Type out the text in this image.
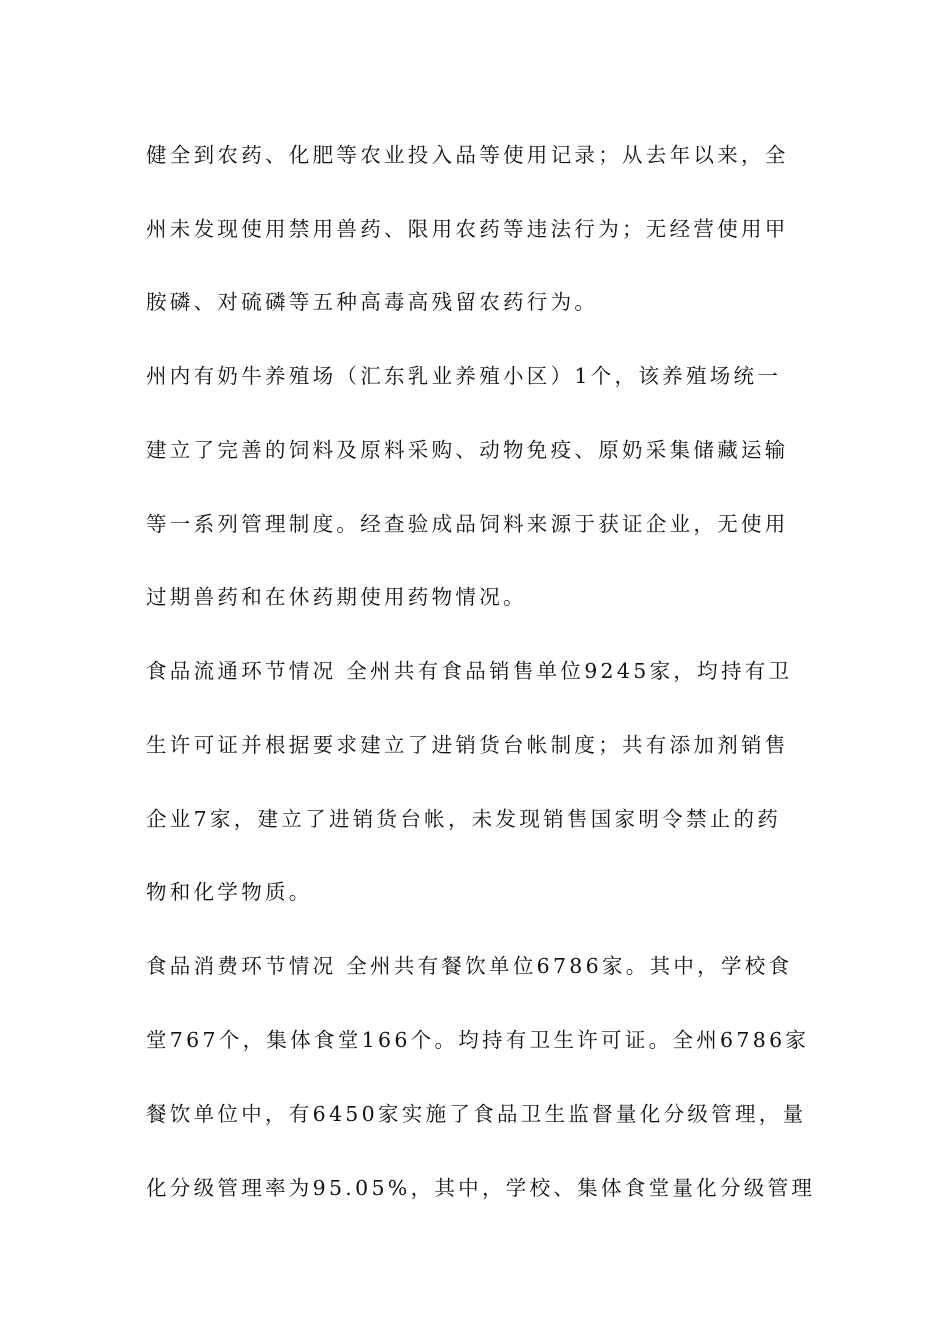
健全到农药、化肥等农业投入品等使用记录；从去年以来，全
州未发现使用禁用兽药、限用农药等违法行为；无经营使用甲
胺磷、对硫磷等五种高毒高残留农药行为。
州内有奶牛养殖场（汇东乳业养殖小区）1个，该养殖场统一
建立了完善的饲料及原料采购、动物免疫、原奶采集储藏运输
等一系列管理制度。经查验成品饲料来源于获证企业，无使用
过期兽药和在休药期使用药物情况。
食品流通环节情况 全州共有食品销售单位9245家，均持有卫
生许可证并根据要求建立了进销货台帐制度；共有添加剂销售
企业7家，建立了进销货台帐，未发现销售国家明令禁止的药
物和化学物质。
食品消费环节情况 全州共有餐饮单位6786家。其中，学校食
堂767个，集体食堂166个。均持有卫生许可证。全州6786家
餐饮单位中，有6450家实施了食品卫生监督量化分级管理，量
化分级管理率为95.05%，其中，学校、集体食堂量化分级管理
